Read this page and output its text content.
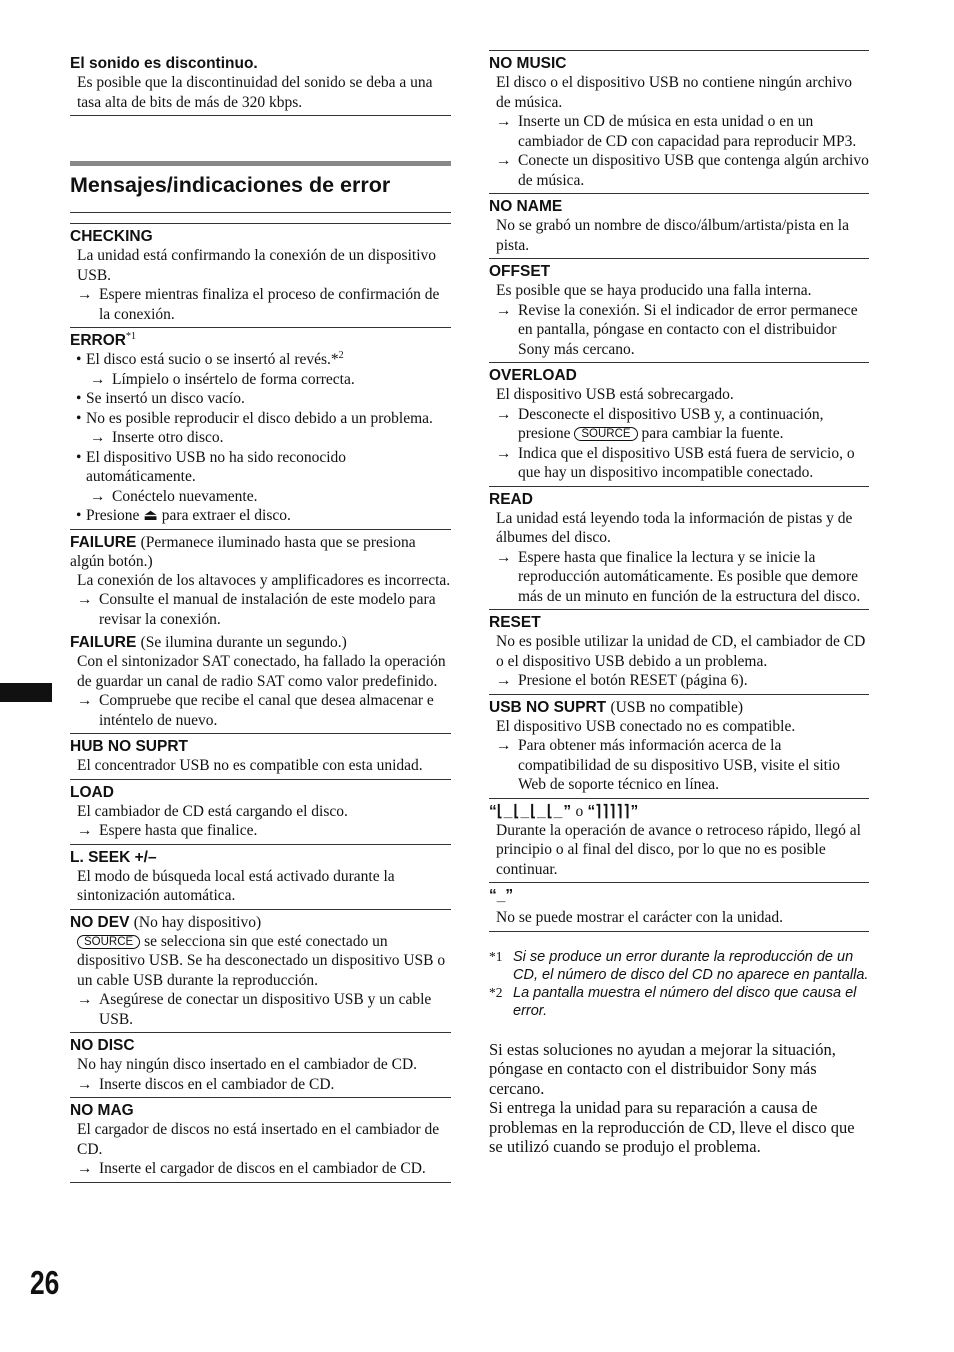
El sonido es discontinuo.
Es posible que la discontinuidad del sonido se deba a una tasa alta de bits de más de 320 kbps.
Mensajes/indicaciones de error
CHECKING
La unidad está confirmando la conexión de un dispositivo USB.
→ Espere mientras finaliza el proceso de confirmación de la conexión.
ERROR$^{*1}$
• El disco está sucio o se insertó al revés.*$^2$
→ Límpielo o insértelo de forma correcta.
• Se insertó un disco vacío.
• No es posible reproducir el disco debido a un problema.
→ Inserte otro disco.
• El dispositivo USB no ha sido reconocido automáticamente.
→ Conéctelo nuevamente.
• Presione ⏏ para extraer el disco.
FAILURE (Permanece iluminado hasta que se presiona algún botón.)
La conexión de los altavoces y amplificadores es incorrecta.
→ Consulte el manual de instalación de este modelo para revisar la conexión.
FAILURE (Se ilumina durante un segundo.)
Con el sintonizador SAT conectado, ha fallado la operación de guardar un canal de radio SAT como valor predefinido.
→ Compruebe que recibe el canal que desea almacenar e inténtelo de nuevo.
HUB NO SUPRT
El concentrador USB no es compatible con esta unidad.
LOAD
El cambiador de CD está cargando el disco.
→ Espere hasta que finalice.
L. SEEK +/–
El modo de búsqueda local está activado durante la sintonización automática.
NO DEV (No hay dispositivo)
SOURCE se selecciona sin que esté conectado un dispositivo USB. Se ha desconectado un dispositivo USB o un cable USB durante la reproducción.
→ Asegúrese de conectar un dispositivo USB y un cable USB.
NO DISC
No hay ningún disco insertado en el cambiador de CD.
→ Inserte discos en el cambiador de CD.
NO MAG
El cargador de discos no está insertado en el cambiador de CD.
→ Inserte el cargador de discos en el cambiador de CD.
NO MUSIC
El disco o el dispositivo USB no contiene ningún archivo de música.
→ Inserte un CD de música en esta unidad o en un cambiador de CD con capacidad para reproducir MP3.
→ Conecte un dispositivo USB que contenga algún archivo de música.
NO NAME
No se grabó un nombre de disco/álbum/artista/pista en la pista.
OFFSET
Es posible que se haya producido una falla interna.
→ Revise la conexión. Si el indicador de error permanece en pantalla, póngase en contacto con el distribuidor Sony más cercano.
OVERLOAD
El dispositivo USB está sobrecargado.
→ Desconecte el dispositivo USB y, a continuación, presione SOURCE para cambiar la fuente.
→ Indica que el dispositivo USB está fuera de servicio, o que hay un dispositivo incompatible conectado.
READ
La unidad está leyendo toda la información de pistas y de álbumes del disco.
→ Espere hasta que finalice la lectura y se inicie la reproducción automáticamente. Es posible que demore más de un minuto en función de la estructura del disco.
RESET
No es posible utilizar la unidad de CD, el cambiador de CD o el dispositivo USB debido a un problema.
→ Presione el botón RESET (página 6).
USB NO SUPRT (USB no compatible)
El dispositivo USB conectado no es compatible.
→ Para obtener más información acerca de la compatibilidad de su dispositivo USB, visite el sitio Web de soporte técnico en línea.
“⌊_⌊_⌊_⌊_” o “⌉⌉⌉⌉⌉”
Durante la operación de avance o retroceso rápido, llegó al principio o al final del disco, por lo que no es posible continuar.
“_”
No se puede mostrar el carácter con la unidad.
*1 Si se produce un error durante la reproducción de un CD, el número de disco del CD no aparece en pantalla.
*2 La pantalla muestra el número del disco que causa el error.
Si estas soluciones no ayudan a mejorar la situación, póngase en contacto con el distribuidor Sony más cercano.
Si entrega la unidad para su reparación a causa de problemas en la reproducción de CD, lleve el disco que se utilizó cuando se produjo el problema.
26
